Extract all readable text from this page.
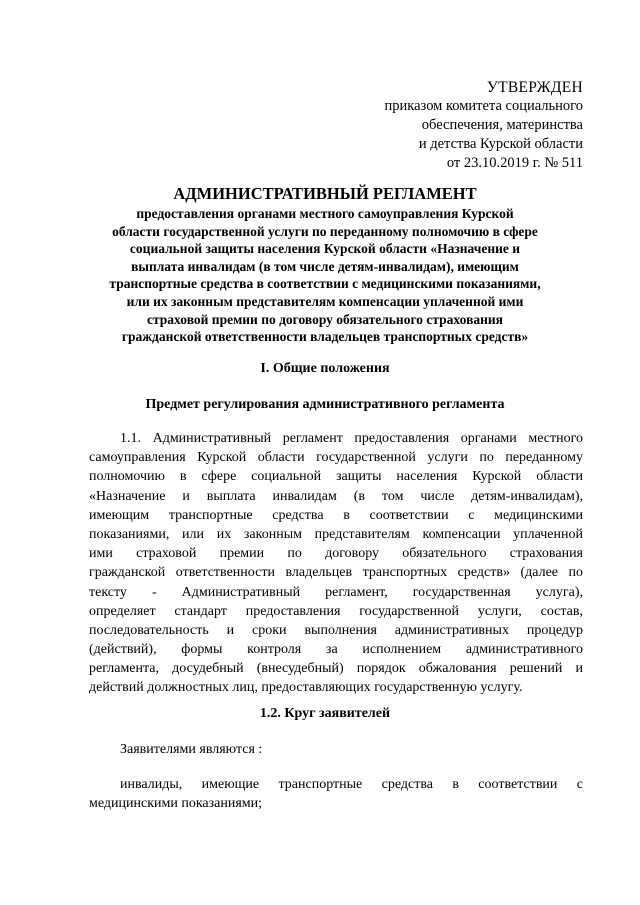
УТВЕРЖДЕН
приказом комитета социального
обеспечения, материнства
и детства Курской области
от 23.10.2019 г. № 511
АДМИНИСТРАТИВНЫЙ РЕГЛАМЕНТ
предоставления органами местного самоуправления Курской
области государственной услуги по переданному полномочию в сфере
социальной защиты населения Курской области «Назначение и
выплата инвалидам (в том числе детям-инвалидам), имеющим
транспортные средства в соответствии с медицинскими показаниями,
или их законным представителям компенсации уплаченной ими
страховой премии по договору обязательного страхования
гражданской ответственности владельцев транспортных средств»
I. Общие положения
Предмет регулирования административного регламента
1.1. Административный регламент предоставления органами местного
самоуправления Курской области государственной услуги по переданному
полномочию в сфере социальной защиты населения Курской области
«Назначение и выплата инвалидам (в том числе детям-инвалидам),
имеющим транспортные средства в соответствии с медицинскими
показаниями, или их законным представителям компенсации уплаченной
ими страховой премии по договору обязательного страхования
гражданской ответственности владельцев транспортных средств» (далее по
тексту - Административный регламент, государственная услуга),
определяет стандарт предоставления государственной услуги, состав,
последовательность и сроки выполнения административных процедур
(действий), формы контроля за исполнением административного
регламента, досудебный (внесудебный) порядок обжалования решений и
действий должностных лиц, предоставляющих государственную услугу.
1.2. Круг заявителей
Заявителями являются :
инвалиды, имеющие транспортные средства в соответствии с
медицинскими показаниями;
